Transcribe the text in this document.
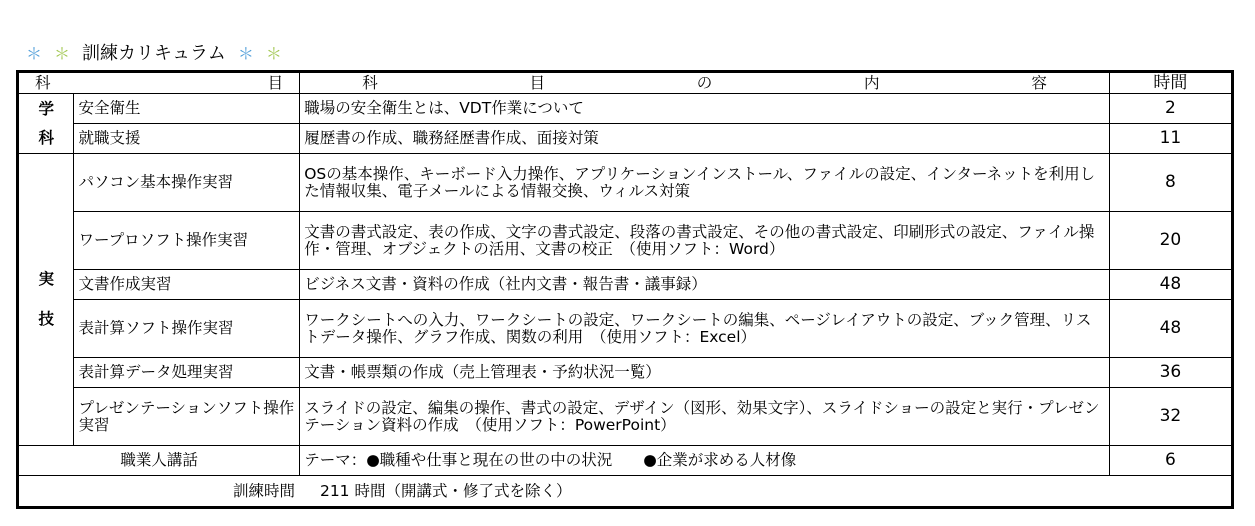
＊ ＊ 訓練カリキュラム ＊ ＊
科 目		科 目 の 内 容	時間

学
科	安全衛生	職場の安全衛生とは、VDT作業について	2
	就職支援	履歴書の作成、職務経歴書作成、面接対策	11

実
技	パソコン基本操作実習	OSの基本操作、キーボード入力操作、アプリケーションインストール、ファイルの設定、インターネットを利用した情報収集、電子メールによる情報交換、ウィルス対策	8
	ワープロソフト操作実習	文書の書式設定、表の作成、文字の書式設定、段落の書式設定、その他の書式設定、印刷形式の設定、ファイル操作・管理、オブジェクトの活用、文書の校正　（使用ソフト：Word）	20
	文書作成実習	ビジネス文書・資料の作成（社内文書・報告書・議事録）	48
	表計算ソフト操作実習	ワークシートへの入力、ワークシートの設定、ワークシートの編集、ページレイアウトの設定、ブック管理、リストデータ操作、グラフ作成、関数の利用　（使用ソフト：Excel）	48
	表計算データ処理実習	文書・帳票類の作成（売上管理表・予約状況一覧）	36
	プレゼンテーションソフト操作実習	スライドの設定、編集の操作、書式の設定、デザイン（図形、効果文字）、スライドショーの設定と実行・プレゼンテーション資料の作成　（使用ソフト：PowerPoint）	32
職業人講話		テーマ：●職種や仕事と現在の世の中の状況　　●企業が求める人材像	6

訓練時間 211 時間（開講式・修了式を除く）			
